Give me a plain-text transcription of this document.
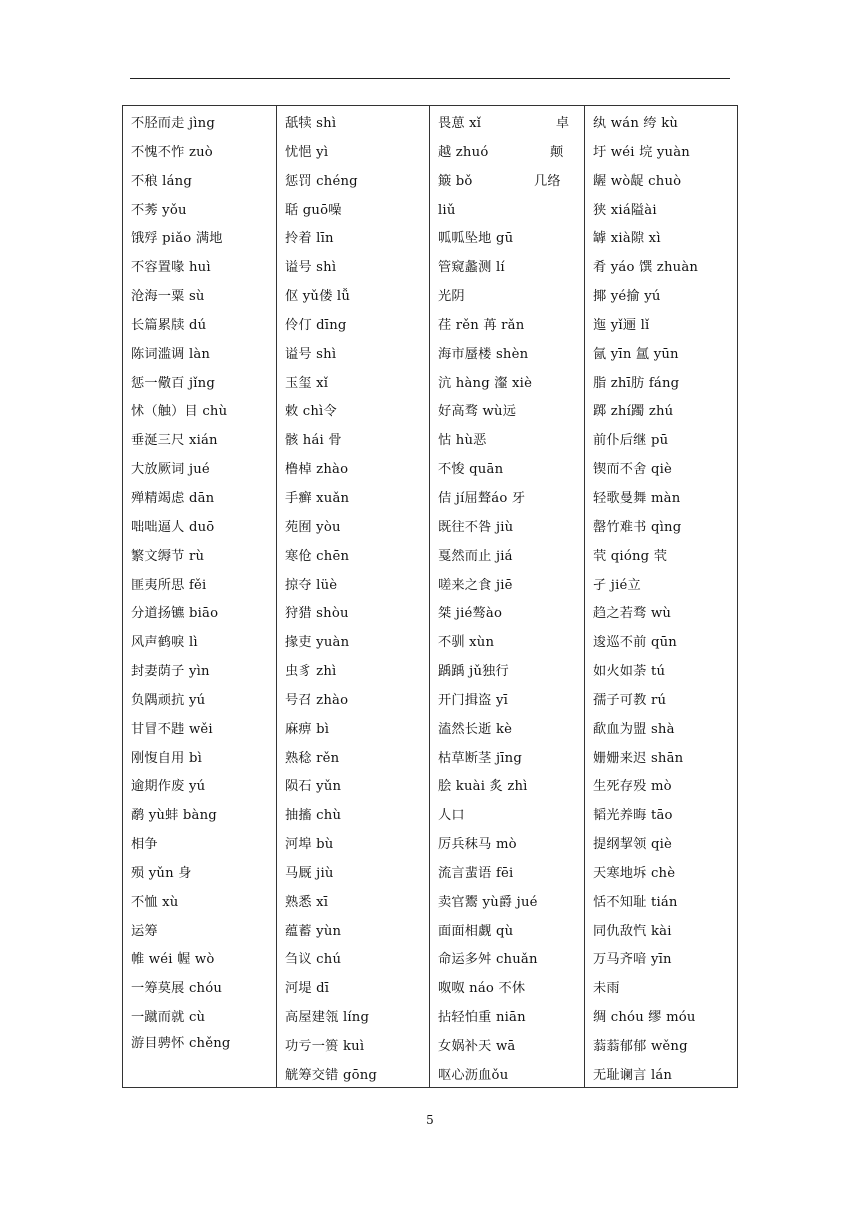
不胫而走 jìng
不愧不怍 zuò
不稂 láng
不莠 yǒu
饿殍 piǎo 满地
不容置喙 huì
沧海一粟 sù
长篇累牍 dú
陈词滥调 làn
惩一儆百 jǐng
怵（触）目 chù
垂涎三尺 xián
大放厥词 jué
殚精竭虑 dān
咄咄逼人 duō
繁文缛节 rù
匪夷所思 fěi
分道扬镳 biāo
风声鹤唳 lì
封妻荫子 yìn
负隅顽抗 yú
甘冒不韪 wěi
刚愎自用 bì
逾期作废 yú
鹬 yù蚌 bàng
相争
殒 yǔn 身
不恤 xù
运筹
帷 wéi 幄 wò
一筹莫展 chóu
一蹴而就 cù
游目骋怀 chěng
舐犊 shì
忧悒 yì
惩罚 chéng
聒 guō噪
拎着 līn
谥号 shì
伛 yǔ偻 lǚ
伶仃 dīng
谥号 shì
玉玺 xǐ
敕 chì令
骸 hái 骨
橹棹 zhào
手癣 xuǎn
苑囿 yòu
寒伧 chēn
掠夺 lüè
狩猎 shòu
掾吏 yuàn
虫豸 zhì
号召 zhào
麻痹 bì
熟稔 rěn
陨石 yǔn
抽搐 chù
河埠 bù
马厩 jiù
熟悉 xī
蕴蓄 yùn
刍议 chú
河堤 dī
高屋建瓴 líng
功亏一篑 kuì
觥筹交错 gōng
畏葸 xǐ                 卓
越 zhuó              颠
簸 bǒ              几络
liǔ
呱呱坠地 gū
管窥蠡测 lí
光阴
荏 rěn 苒 rǎn
海市蜃楼 shèn
沆 hàng 瀣 xiè
好高骛 wù远
怙 hù恶
不悛 quān
佶 jí屈聱áo 牙
既往不咎 jiù
戛然而止 jiá
嗟来之食 jiē
桀 jié骜ào
不驯 xùn
踽踽 jǔ独行
开门揖盗 yī
溘然长逝 kè
枯草断茎 jīng
脍 kuài 炙 zhì
人口
厉兵秣马 mò
流言蜚语 fēi
卖官鬻 yù爵 jué
面面相觑 qù
命运多舛 chuǎn
呶呶 náo 不休
拈轻怕重 niān
女娲补天 wā
呕心沥血ǒu
纨 wán 绔 kù
圩 wéi 垸 yuàn
龌 wò龊 chuò
狭 xiá隘ài
罅 xià隙 xì
肴 yáo 馔 zhuàn
揶 yé揄 yú
迤 yǐ逦 lǐ
氤 yīn 氲 yūn
脂 zhī肪 fáng
踯 zhí躅 zhú
前仆后继 pū
锲而不舍 qiè
轻歌曼舞 màn
罄竹难书 qìng
茕 qióng 茕
孑 jié立
趋之若骛 wù
逡巡不前 qūn
如火如荼 tú
孺子可教 rú
歃血为盟 shà
姗姗来迟 shān
生死存殁 mò
韬光养晦 tāo
提纲挈领 qiè
天寒地坼 chè
恬不知耻 tián
同仇敌忾 kài
万马齐喑 yīn
未雨
绸 chóu 缪 móu
蓊蓊郁郁 wěng
无耻谰言 lán
5
